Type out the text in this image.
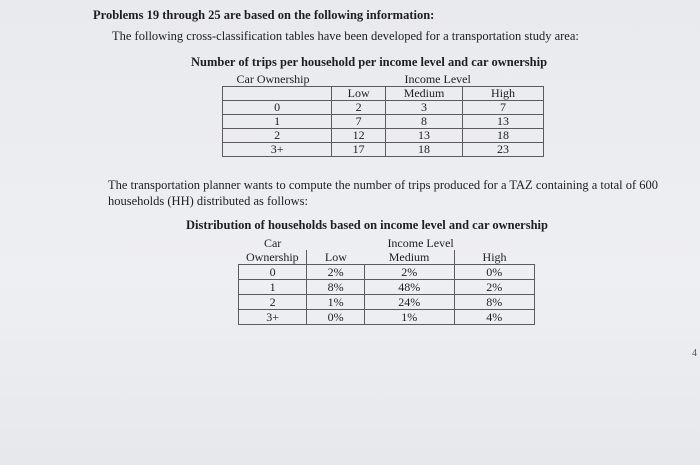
Problems 19 through 25 are based on the following information:
The following cross-classification tables have been developed for a transportation study area:
Number of trips per household per income level and car ownership
Car Ownership	Income Level		
	Low	Medium	High
0	2	3	7
1	7	8	13
2	12	13	18
3+	17	18	23
The transportation planner wants to compute the number of trips produced for a TAZ containing a total of 600 households (HH) distributed as follows:
Distribution of households based on income level and car ownership
Car	Income Level		
Ownership	Low	Medium	High
0	2%	2%	0%
1	8%	48%	2%
2	1%	24%	8%
3+	0%	1%	4%
4
